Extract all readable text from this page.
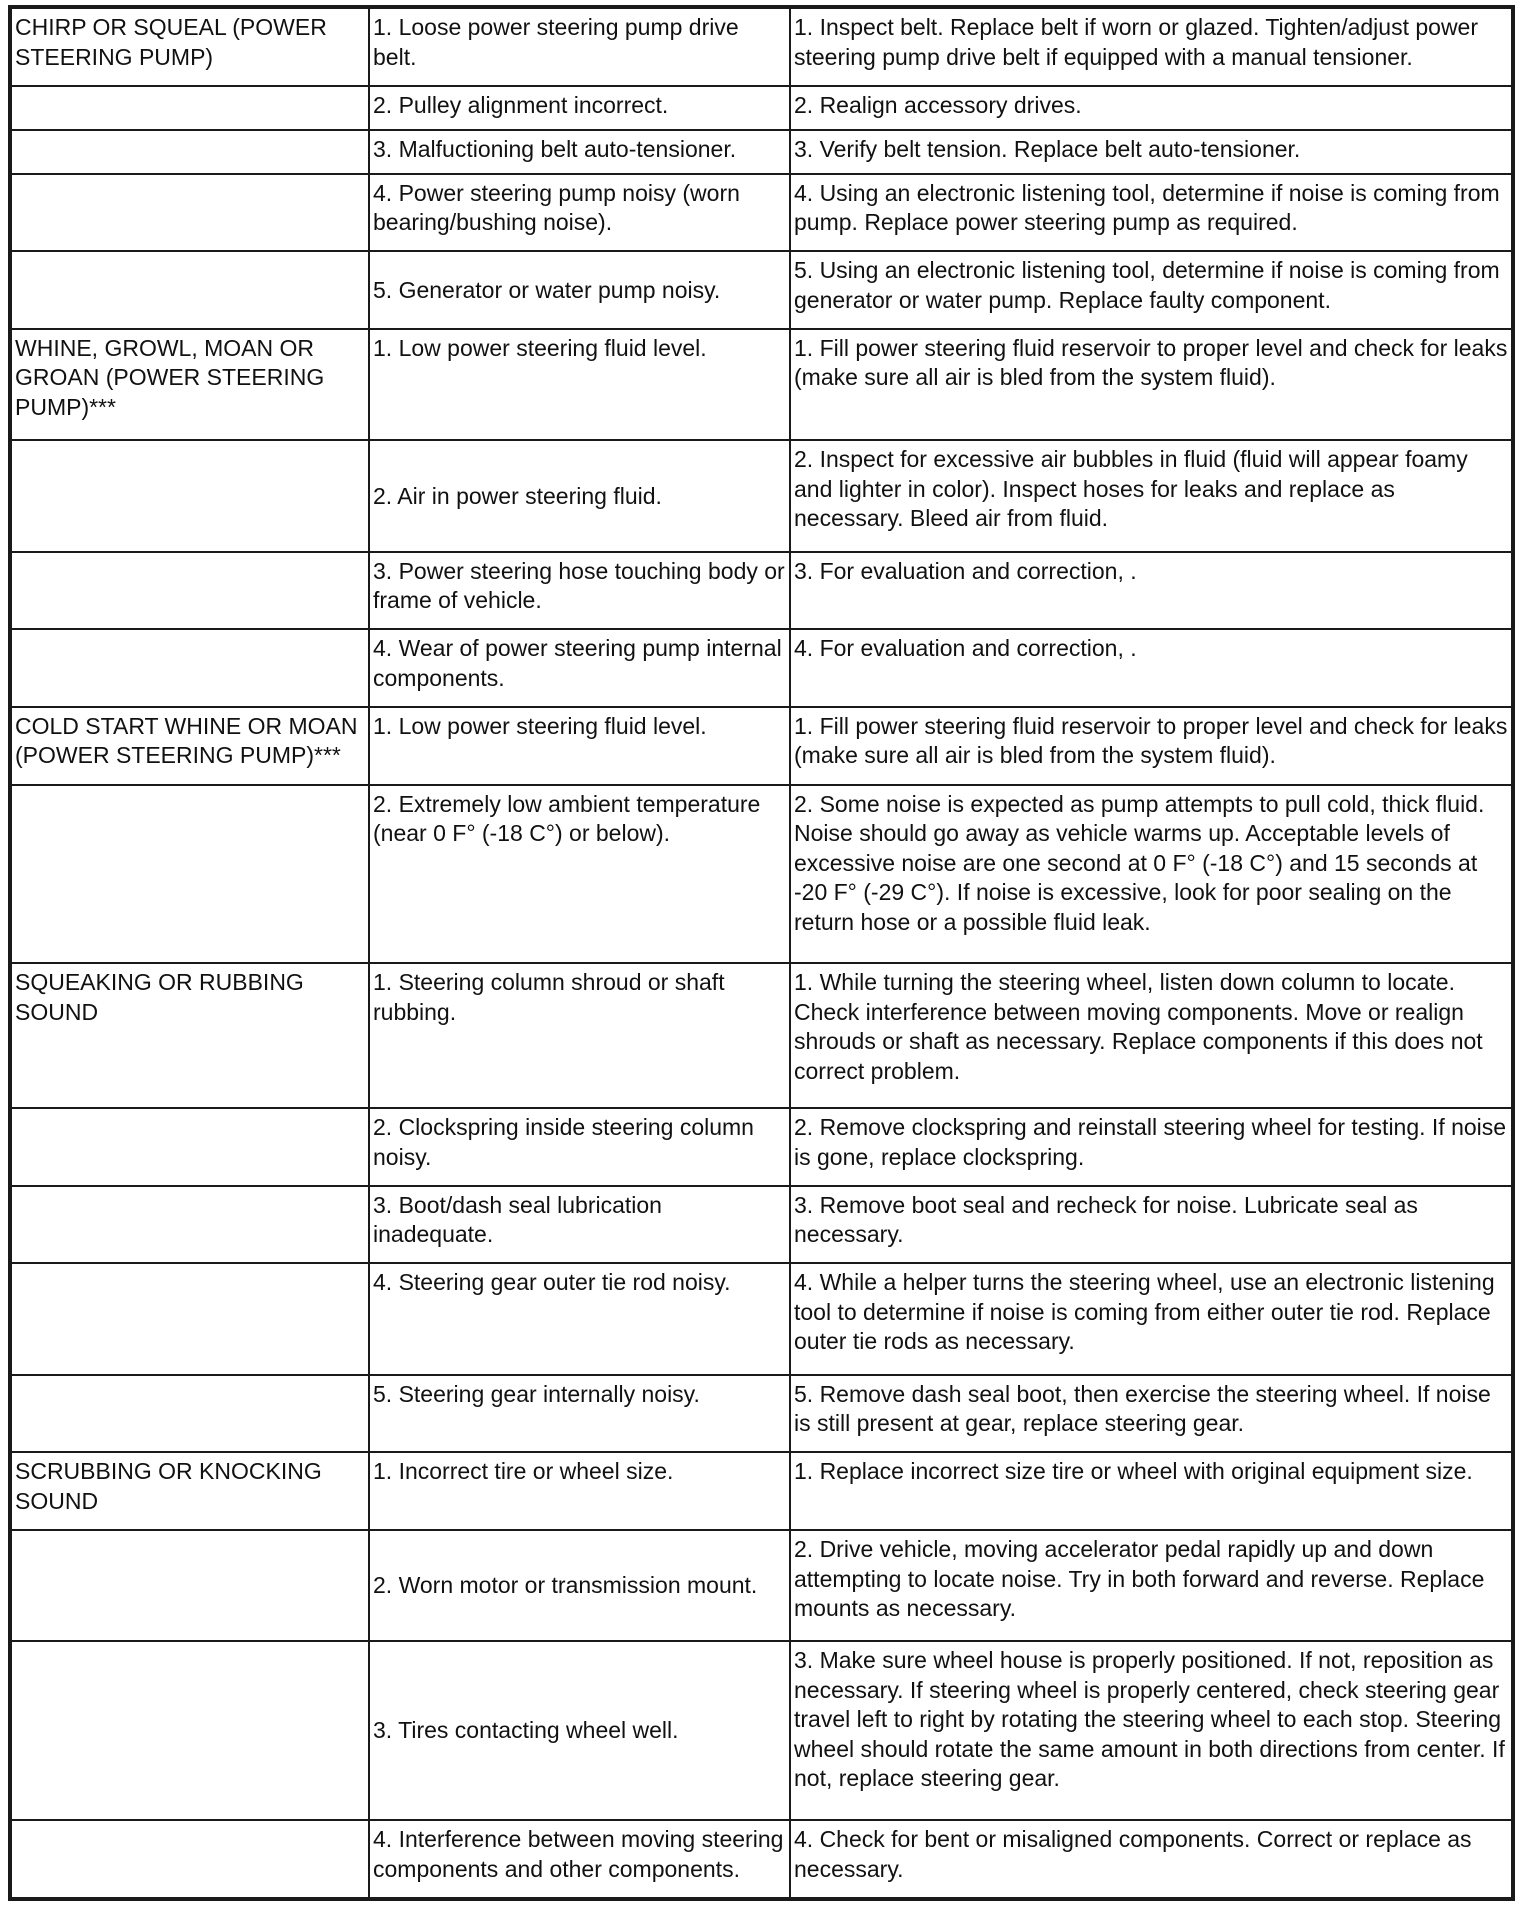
CHIRP OR SQUEAL (POWER STEERING PUMP)	1. Loose power steering pump drive belt.	1. Inspect belt. Replace belt if worn or glazed. Tighten/adjust power steering pump drive belt if equipped with a manual tensioner.
	2. Pulley alignment incorrect.	2. Realign accessory drives.
	3. Malfuctioning belt auto-tensioner.	3. Verify belt tension. Replace belt auto-tensioner.
	4. Power steering pump noisy (worn bearing/bushing noise).	4. Using an electronic listening tool, determine if noise is coming from pump. Replace power steering pump as required.
	5. Generator or water pump noisy.	5. Using an electronic listening tool, determine if noise is coming from generator or water pump. Replace faulty component.
WHINE, GROWL, MOAN OR GROAN (POWER STEERING PUMP)***	1. Low power steering fluid level.	1. Fill power steering fluid reservoir to proper level and check for leaks (make sure all air is bled from the system fluid).
	2. Air in power steering fluid.	2. Inspect for excessive air bubbles in fluid (fluid will appear foamy and lighter in color). Inspect hoses for leaks and replace as necessary. Bleed air from fluid.
	3. Power steering hose touching body or frame of vehicle.	3. For evaluation and correction, .
	4. Wear of power steering pump internal components.	4. For evaluation and correction, .
COLD START WHINE OR MOAN (POWER STEERING PUMP)***	1. Low power steering fluid level.	1. Fill power steering fluid reservoir to proper level and check for leaks (make sure all air is bled from the system fluid).
	2. Extremely low ambient temperature (near 0 F° (-18 C°) or below).	2. Some noise is expected as pump attempts to pull cold, thick fluid. Noise should go away as vehicle warms up. Acceptable levels of excessive noise are one second at 0 F° (-18 C°) and 15 seconds at -20 F° (-29 C°). If noise is excessive, look for poor sealing on the return hose or a possible fluid leak.
SQUEAKING OR RUBBING SOUND	1. Steering column shroud or shaft rubbing.	1. While turning the steering wheel, listen down column to locate. Check interference between moving components. Move or realign shrouds or shaft as necessary. Replace components if this does not correct problem.
	2. Clockspring inside steering column noisy.	2. Remove clockspring and reinstall steering wheel for testing. If noise is gone, replace clockspring.
	3. Boot/dash seal lubrication inadequate.	3. Remove boot seal and recheck for noise. Lubricate seal as necessary.
	4. Steering gear outer tie rod noisy.	4. While a helper turns the steering wheel, use an electronic listening tool to determine if noise is coming from either outer tie rod. Replace outer tie rods as necessary.
	5. Steering gear internally noisy.	5. Remove dash seal boot, then exercise the steering wheel. If noise is still present at gear, replace steering gear.
SCRUBBING OR KNOCKING SOUND	1. Incorrect tire or wheel size.	1. Replace incorrect size tire or wheel with original equipment size.
	2. Worn motor or transmission mount.	2. Drive vehicle, moving accelerator pedal rapidly up and down attempting to locate noise. Try in both forward and reverse. Replace mounts as necessary.
	3. Tires contacting wheel well.	3. Make sure wheel house is properly positioned. If not, reposition as necessary. If steering wheel is properly centered, check steering gear travel left to right by rotating the steering wheel to each stop. Steering wheel should rotate the same amount in both directions from center. If not, replace steering gear.
	4. Interference between moving steering components and other components.	4. Check for bent or misaligned components. Correct or replace as necessary.
